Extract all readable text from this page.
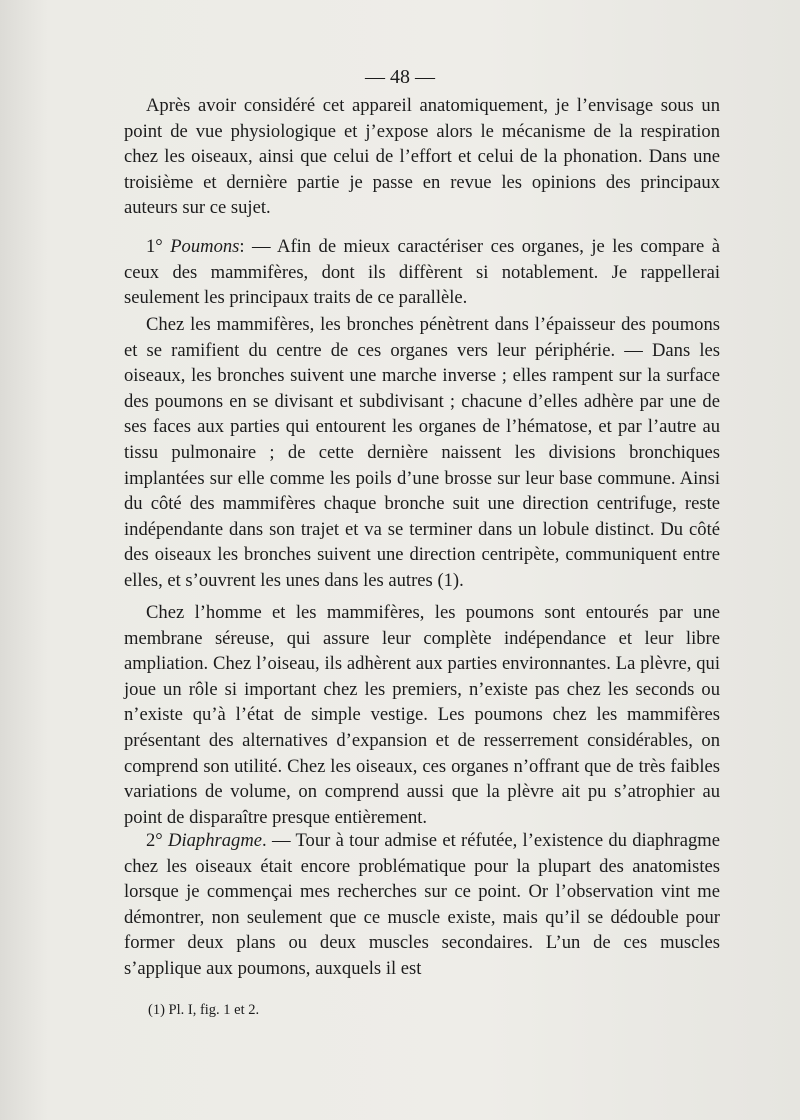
— 48 —

Après avoir considéré cet appareil anatomiquement, je l’envisage sous un point de vue physiologique et j’expose alors le mécanisme de la respiration chez les oiseaux, ainsi que celui de l’effort et celui de la phonation. Dans une troisième et dernière partie je passe en revue les opinions des principaux auteurs sur ce sujet.

1° Poumons: — Afin de mieux caractériser ces organes, je les compare à ceux des mammifères, dont ils diffèrent si notablement. Je rappellerai seulement les principaux traits de ce parallèle.

Chez les mammifères, les bronches pénètrent dans l’épaisseur des poumons et se ramifient du centre de ces organes vers leur périphérie. — Dans les oiseaux, les bronches suivent une marche inverse ; elles rampent sur la surface des poumons en se divisant et subdivisant ; chacune d’elles adhère par une de ses faces aux parties qui entourent les organes de l’hématose, et par l’autre au tissu pulmonaire ; de cette dernière naissent les divisions bronchiques implantées sur elle comme les poils d’une brosse sur leur base commune. Ainsi du côté des mammifères chaque bronche suit une direction centrifuge, reste indépendante dans son trajet et va se terminer dans un lobule distinct. Du côté des oiseaux les bronches suivent une direction centripète, communiquent entre elles, et s’ouvrent les unes dans les autres (1).

Chez l’homme et les mammifères, les poumons sont entourés par une membrane séreuse, qui assure leur complète indépendance et leur libre ampliation. Chez l’oiseau, ils adhèrent aux parties environnantes. La plèvre, qui joue un rôle si important chez les premiers, n’existe pas chez les seconds ou n’existe qu’à l’état de simple vestige. Les poumons chez les mammifères présentant des alternatives d’expansion et de resserrement considérables, on comprend son utilité. Chez les oiseaux, ces organes n’offrant que de très faibles variations de volume, on comprend aussi que la plèvre ait pu s’atrophier au point de disparaître presque entièrement.

2° Diaphragme. — Tour à tour admise et réfutée, l’existence du diaphragme chez les oiseaux était encore problématique pour la plupart des anatomistes lorsque je commençai mes recherches sur ce point. Or l’observation vint me démontrer, non seulement que ce muscle existe, mais qu’il se dédouble pour former deux plans ou deux muscles secondaires. L’un de ces muscles s’applique aux poumons, auxquels il est

(1) Pl. I, fig. 1 et 2.
